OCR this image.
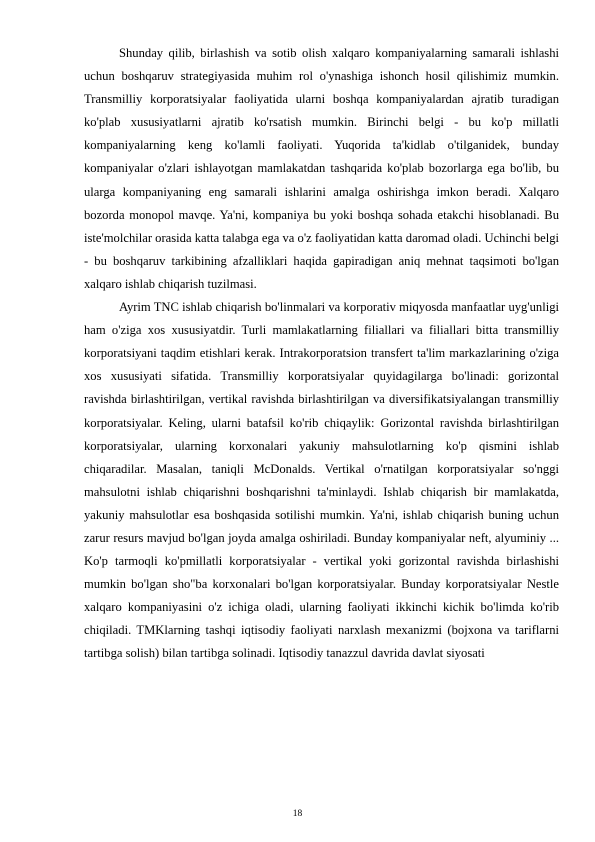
Shunday qilib, birlashish va sotib olish xalqaro kompaniyalarning samarali ishlashi uchun boshqaruv strategiyasida muhim rol o'ynashiga ishonch hosil qilishimiz mumkin. Transmilliy korporatsiyalar faoliyatida ularni boshqa kompaniyalardan ajratib turadigan ko'plab xususiyatlarni ajratib ko'rsatish mumkin. Birinchi belgi - bu ko'p millatli kompaniyalarning keng ko'lamli faoliyati. Yuqorida ta'kidlab o'tilganidek, bunday kompaniyalar o'zlari ishlayotgan mamlakatdan tashqarida ko'plab bozorlarga ega bo'lib, bu ularga kompaniyaning eng samarali ishlarini amalga oshirishga imkon beradi. Xalqaro bozorda monopol mavqe. Ya'ni, kompaniya bu yoki boshqa sohada etakchi hisoblanadi. Bu iste'molchilar orasida katta talabga ega va o'z faoliyatidan katta daromad oladi. Uchinchi belgi - bu boshqaruv tarkibining afzalliklari haqida gapiradigan aniq mehnat taqsimoti bo'lgan xalqaro ishlab chiqarish tuzilmasi.

Ayrim TNC ishlab chiqarish bo'linmalari va korporativ miqyosda manfaatlar uyg'unligi ham o'ziga xos xususiyatdir. Turli mamlakatlarning filiallari va filiallari bitta transmilliy korporatsiyani taqdim etishlari kerak. Intrakorporatsion transfert ta'lim markazlarining o'ziga xos xususiyati sifatida. Transmilliy korporatsiyalar quyidagilarga bo'linadi: gorizontal ravishda birlashtirilgan, vertikal ravishda birlashtirilgan va diversifikatsiyalangan transmilliy korporatsiyalar. Keling, ularni batafsil ko'rib chiqaylik: Gorizontal ravishda birlashtirilgan korporatsiyalar, ularning korxonalari yakuniy mahsulotlarning ko'p qismini ishlab chiqaradilar. Masalan, taniqli McDonalds. Vertikal o'rnatilgan korporatsiyalar so'nggi mahsulotni ishlab chiqarishni boshqarishni ta'minlaydi. Ishlab chiqarish bir mamlakatda, yakuniy mahsulotlar esa boshqasida sotilishi mumkin. Ya'ni, ishlab chiqarish buning uchun zarur resurs mavjud bo'lgan joyda amalga oshiriladi. Bunday kompaniyalar neft, alyuminiy ... Ko'p tarmoqli ko'pmillatli korporatsiyalar - vertikal yoki gorizontal ravishda birlashishi mumkin bo'lgan sho"ba korxonalari bo'lgan korporatsiyalar. Bunday korporatsiyalar Nestle xalqaro kompaniyasini o'z ichiga oladi, ularning faoliyati ikkinchi kichik bo'limda ko'rib chiqiladi. TMKlarning tashqi iqtisodiy faoliyati narxlash mexanizmi (bojxona va tariflarni tartibga solish) bilan tartibga solinadi. Iqtisodiy tanazzul davrida davlat siyosati

18
